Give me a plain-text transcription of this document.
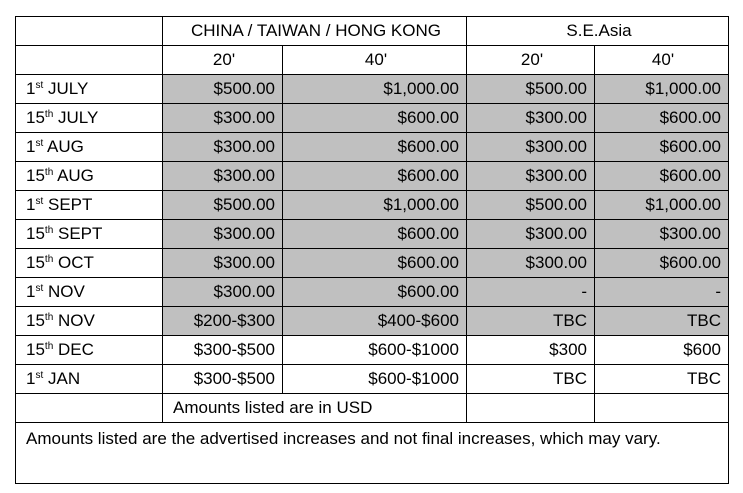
	CHINA / TAIWAN / HONG KONG		S.E.Asia	
	20'	40'	20'	40'
1st JULY	$500.00	$1,000.00	$500.00	$1,000.00
15th JULY	$300.00	$600.00	$300.00	$600.00
1st AUG	$300.00	$600.00	$300.00	$600.00
15th AUG	$300.00	$600.00	$300.00	$600.00
1st SEPT	$500.00	$1,000.00	$500.00	$1,000.00
15th SEPT	$300.00	$600.00	$300.00	$300.00
15th OCT	$300.00	$600.00	$300.00	$600.00
1st NOV	$300.00	$600.00	-	-
15th NOV	$200-$300	$400-$600	TBC	TBC
15th DEC	$300-$500	$600-$1000	$300	$600
1st JAN	$300-$500	$600-$1000	TBC	TBC
	Amounts listed are in USD			
Amounts listed are the advertised increases and not final increases, which may vary.				
